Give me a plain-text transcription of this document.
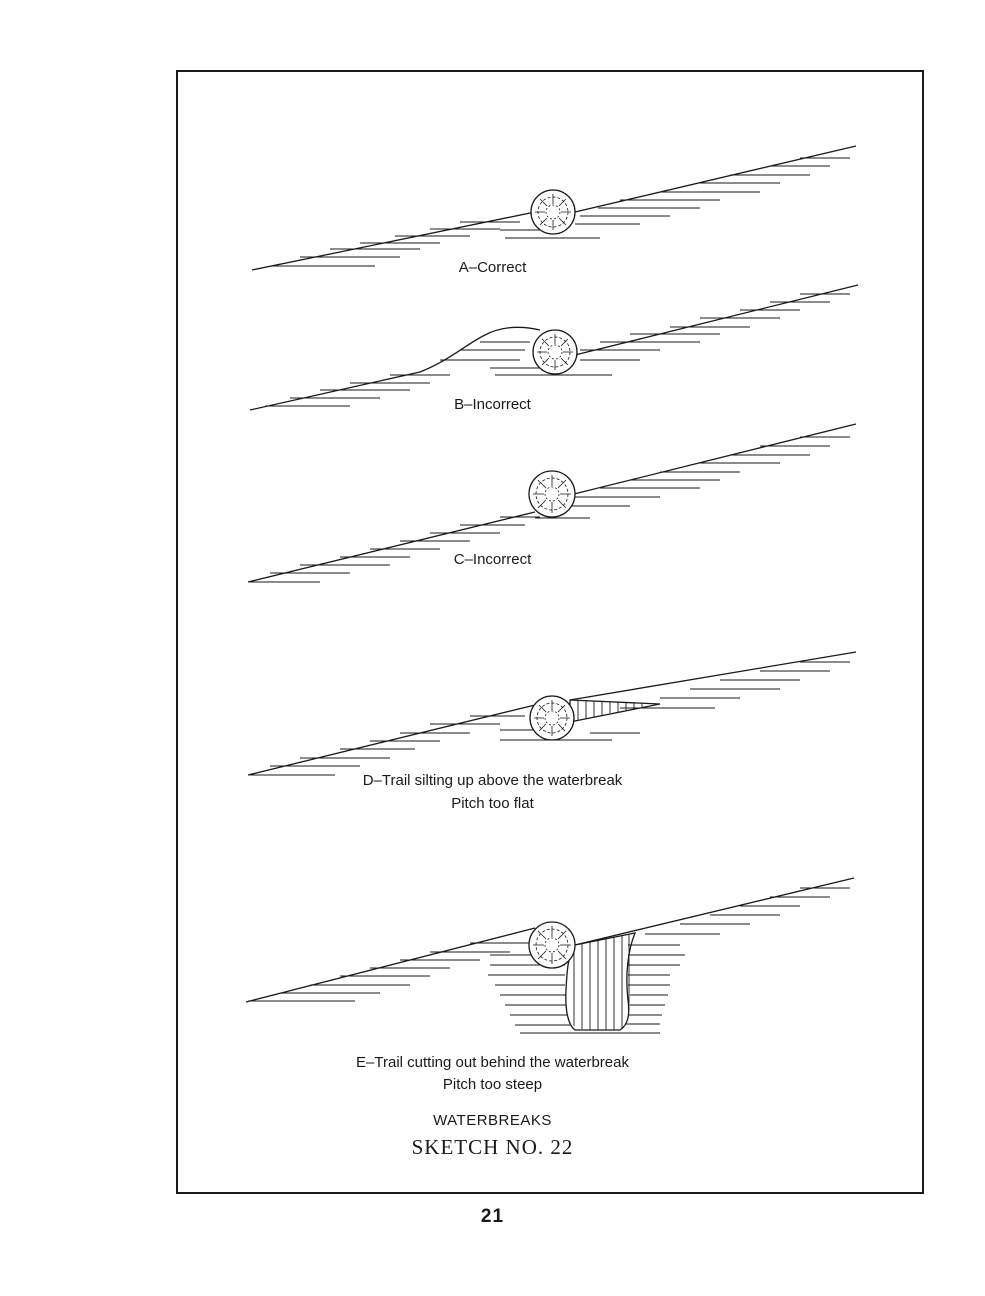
A–Correct
B–Incorrect
C–Incorrect
D–Trail silting up above the waterbreak
Pitch too flat
E–Trail cutting out behind the waterbreak
Pitch too steep
WATERBREAKS
SKETCH NO. 22
21
